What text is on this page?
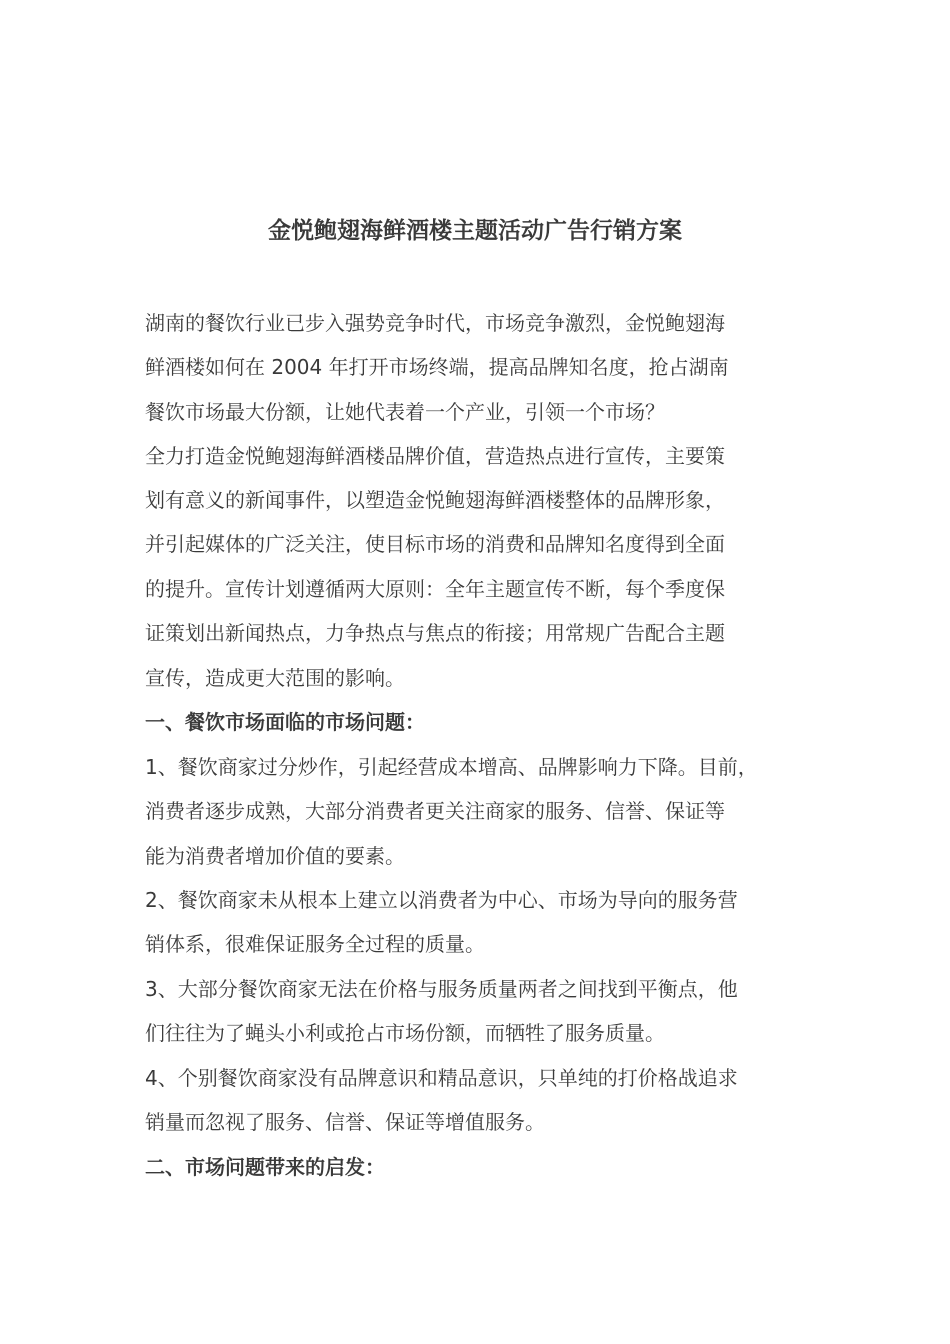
金悦鲍翅海鲜酒楼主题活动广告行销方案
湖南的餐饮行业已步入强势竞争时代，市场竞争激烈，金悦鲍翅海
鲜酒楼如何在 2004 年打开市场终端，提高品牌知名度，抢占湖南
餐饮市场最大份额，让她代表着一个产业，引领一个市场？
全力打造金悦鲍翅海鲜酒楼品牌价值，营造热点进行宣传，主要策
划有意义的新闻事件，以塑造金悦鲍翅海鲜酒楼整体的品牌形象，
并引起媒体的广泛关注，使目标市场的消费和品牌知名度得到全面
的提升。宣传计划遵循两大原则：全年主题宣传不断，每个季度保
证策划出新闻热点，力争热点与焦点的衔接；用常规广告配合主题
宣传，造成更大范围的影响。
一、餐饮市场面临的市场问题：
1、餐饮商家过分炒作，引起经营成本增高、品牌影响力下降。目前，
消费者逐步成熟，大部分消费者更关注商家的服务、信誉、保证等
能为消费者增加价值的要素。
2、餐饮商家未从根本上建立以消费者为中心、市场为导向的服务营
销体系，很难保证服务全过程的质量。
3、大部分餐饮商家无法在价格与服务质量两者之间找到平衡点，他
们往往为了蝇头小利或抢占市场份额，而牺牲了服务质量。
4、个别餐饮商家没有品牌意识和精品意识，只单纯的打价格战追求
销量而忽视了服务、信誉、保证等增值服务。
二、市场问题带来的启发：
